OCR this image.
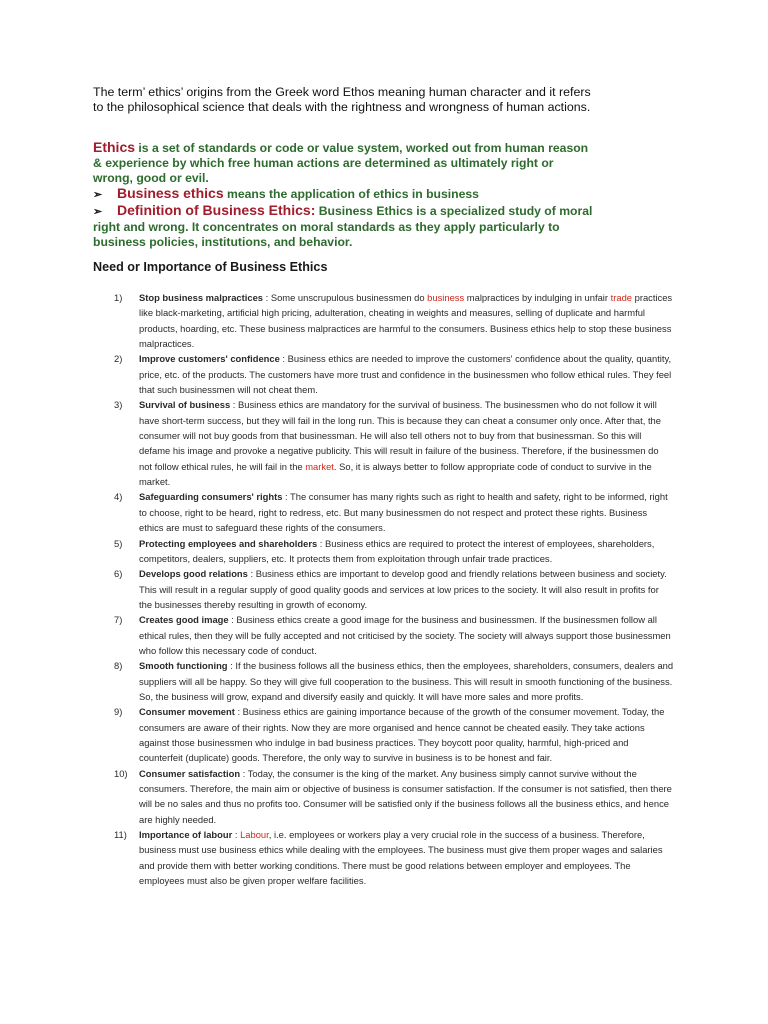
The term’ ethics’ origins from the Greek word Ethos meaning human character and it refers to the philosophical science that deals with the rightness and wrongness of human actions.

Ethics is a set of standards or code or value system, worked out from human reason & experience by which free human actions are determined as ultimately right or wrong, good or evil.

➢	Business ethics means the application of ethics in business

➢ Definition of Business Ethics: Business Ethics is a specialized study of moral right and wrong. It concentrates on moral standards as they apply particularly to business policies, institutions, and behavior.

Need or Importance of Business Ethics
1)	Stop business malpractices : Some unscrupulous businessmen do business malpractices by indulging in unfair trade practices like black-marketing, artificial high pricing, adulteration, cheating in weights and measures, selling of duplicate and harmful products, hoarding, etc. These business malpractices are harmful to the consumers. Business ethics help to stop these business malpractices.
2)	Improve customers' confidence : Business ethics are needed to improve the customers' confidence about the quality, quantity, price, etc. of the products. The customers have more trust and confidence in the businessmen who follow ethical rules. They feel that such businessmen will not cheat them.
3)	Survival of business : Business ethics are mandatory for the survival of business. The businessmen who do not follow it will have short-term success, but they will fail in the long run. This is because they can cheat a consumer only once. After that, the consumer will not buy goods from that businessman. He will also tell others not to buy from that businessman. So this will defame his image and provoke a negative publicity. This will result in failure of the business. Therefore, if the businessmen do not follow ethical rules, he will fail in the market. So, it is always better to follow appropriate code of conduct to survive in the market.
4)	Safeguarding consumers' rights : The consumer has many rights such as right to health and safety, right to be informed, right to choose, right to be heard, right to redress, etc. But many businessmen do not respect and protect these rights. Business ethics are must to safeguard these rights of the consumers.
5)	Protecting employees and shareholders : Business ethics are required to protect the interest of employees, shareholders, competitors, dealers, suppliers, etc. It protects them from exploitation through unfair trade practices.
6)	Develops good relations : Business ethics are important to develop good and friendly relations between business and society. This will result in a regular supply of good quality goods and services at low prices to the society. It will also result in profits for the businesses thereby resulting in growth of economy.
7)	Creates good image : Business ethics create a good image for the business and businessmen. If the businessmen follow all ethical rules, then they will be fully accepted and not criticised by the society. The society will always support those businessmen who follow this necessary code of conduct.
8)	Smooth functioning : If the business follows all the business ethics, then the employees, shareholders, consumers, dealers and suppliers will all be happy. So they will give full cooperation to the business. This will result in smooth functioning of the business. So, the business will grow, expand and diversify easily and quickly. It will have more sales and more profits.
9)	Consumer movement : Business ethics are gaining importance because of the growth of the consumer movement. Today, the consumers are aware of their rights. Now they are more organised and hence cannot be cheated easily. They take actions against those businessmen who indulge in bad business practices. They boycott poor quality, harmful, high-priced and counterfeit (duplicate) goods. Therefore, the only way to survive in business is to be honest and fair.
10)	Consumer satisfaction : Today, the consumer is the king of the market. Any business simply cannot survive without the consumers. Therefore, the main aim or objective of business is consumer satisfaction. If the consumer is not satisfied, then there will be no sales and thus no profits too. Consumer will be satisfied only if the business follows all the business ethics, and hence are highly needed.
11)	Importance of labour : Labour, i.e. employees or workers play a very crucial role in the success of a business. Therefore, business must use business ethics while dealing with the employees. The business must give them proper wages and salaries and provide them with better working conditions. There must be good relations between employer and employees. The employees must also be given proper welfare facilities.
